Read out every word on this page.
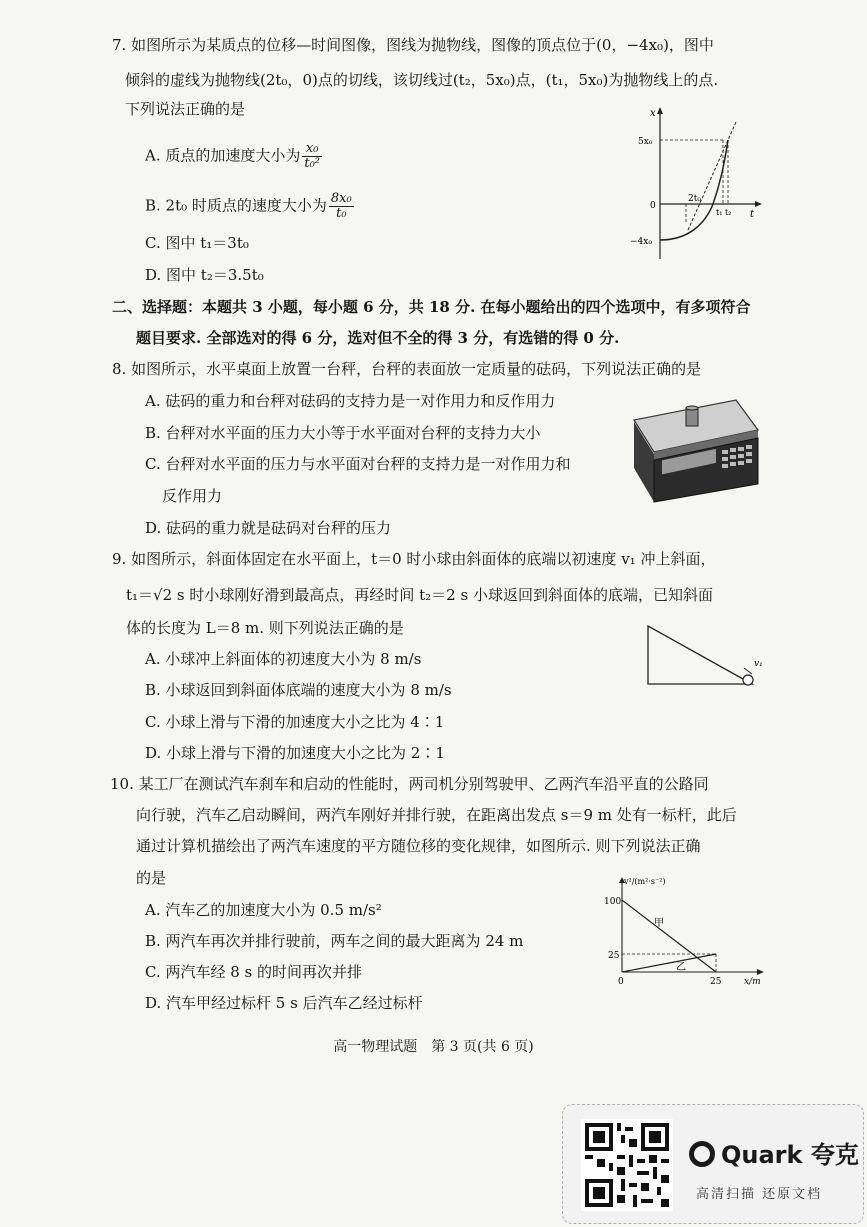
7. 如图所示为某质点的位移—时间图像，图线为抛物线，图像的顶点位于(0，−4x₀)，图中
倾斜的虚线为抛物线(2t₀，0)点的切线，该切线过(t₂，5x₀)点，(t₁，5x₀)为抛物线上的点.
下列说法正确的是
A. 质点的加速度大小为 $\frac{\text{x₀}}{\text{t₀²}}$
B. 2t₀ 时质点的速度大小为 $\frac{\text{8x₀}}{\text{t₀}}$
C. 图中 t₁＝3t₀
D. 图中 t₂＝3.5t₀
x
t
5x₀
−4x₀
0
2t₀
t₁ t₂
二、选择题：本题共 3 小题，每小题 6 分，共 18 分. 在每小题给出的四个选项中，有多项符合
题目要求. 全部选对的得 6 分，选对但不全的得 3 分，有选错的得 0 分.
8. 如图所示，水平桌面上放置一台秤，台秤的表面放一定质量的砝码，下列说法正确的是
A. 砝码的重力和台秤对砝码的支持力是一对作用力和反作用力
B. 台秤对水平面的压力大小等于水平面对台秤的支持力大小
C. 台秤对水平面的压力与水平面对台秤的支持力是一对作用力和
反作用力
D. 砝码的重力就是砝码对台秤的压力
9. 如图所示，斜面体固定在水平面上，t＝0 时小球由斜面体的底端以初速度 v₁ 冲上斜面，
t₁＝√2 s 时小球刚好滑到最高点，再经时间 t₂＝2 s 小球返回到斜面体的底端，已知斜面
体的长度为 L＝8 m. 则下列说法正确的是
A. 小球冲上斜面体的初速度大小为 8 m/s
B. 小球返回到斜面体底端的速度大小为 8 m/s
C. 小球上滑与下滑的加速度大小之比为 4∶1
D. 小球上滑与下滑的加速度大小之比为 2∶1
v₁
10. 某工厂在测试汽车刹车和启动的性能时，两司机分别驾驶甲、乙两汽车沿平直的公路同
向行驶，汽车乙启动瞬间，两汽车刚好并排行驶，在距离出发点 s＝9 m 处有一标杆，此后
通过计算机描绘出了两汽车速度的平方随位移的变化规律，如图所示. 则下列说法正确
的是
A. 汽车乙的加速度大小为 0.5 m/s²
B. 两汽车再次并排行驶前，两车之间的最大距离为 24 m
C. 两汽车经 8 s 的时间再次并排
D. 汽车甲经过标杆 5 s 后汽车乙经过标杆
v²/(m²·s⁻²)
100
25
0	25	x/m
甲
乙
高一物理试题　第 3 页(共 6 页)
Quark 夸克
高清扫描 还原文档
